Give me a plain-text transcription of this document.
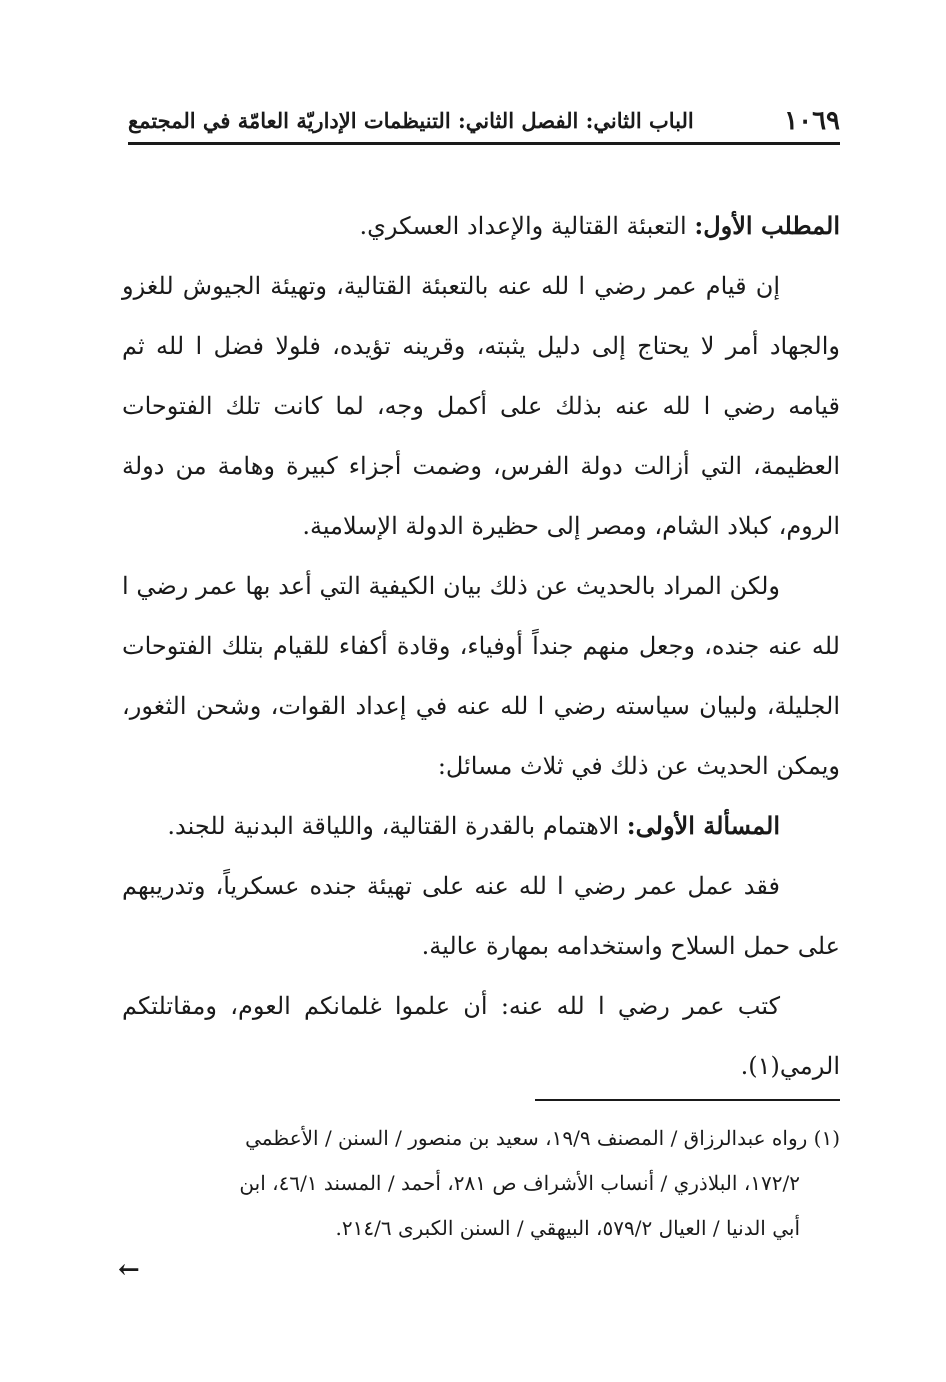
١٠٦٩
الباب الثاني: الفصل الثاني: التنيظمات الإداريّة العامّة في المجتمع

المطلب الأول: التعبئة القتالية والإعداد العسكري.

إن قيام عمر رضي ا لله عنه بالتعبئة القتالية، وتهيئة الجيوش للغزو والجهاد أمر لا يحتاج إلى دليل يثبته، وقرينه تؤيده، فلولا فضل ا لله ثم قيامه رضي ا لله عنه بذلك على أكمل وجه، لما كانت تلك الفتوحات العظيمة، التي أزالت دولة الفرس، وضمت أجزاء كبيرة وهامة من دولة الروم، كبلاد الشام، ومصر إلى حظيرة الدولة الإسلامية.

ولكن المراد بالحديث عن ذلك بيان الكيفية التي أعد بها عمر رضي ا لله عنه جنده، وجعل منهم جنداً أوفياء، وقادة أكفاء للقيام بتلك الفتوحات الجليلة، ولبيان سياسته رضي ا لله عنه في إعداد القوات، وشحن الثغور، ويمكن الحديث عن ذلك في ثلاث مسائل:

المسألة الأولى: الاهتمام بالقدرة القتالية، واللياقة البدنية للجند.

فقد عمل عمر رضي ا لله عنه على تهيئة جنده عسكرياً، وتدريبهم على حمل السلاح واستخدامه بمهارة عالية.

كتب عمر رضي ا لله عنه: أن علموا غلمانكم العوم، ومقاتلتكم الرمي(١).

(١) رواه عبدالرزاق / المصنف ١٩/٩، سعيد بن منصور / السنن / الأعظمي

١٧٢/٢، البلاذري / أنساب الأشراف ص ٢٨١، أحمد / المسند ٤٦/١، ابن

أبي الدنيا / العيال ٥٧٩/٢، البيهقي / السنن الكبرى ٢١٤/٦.

←
